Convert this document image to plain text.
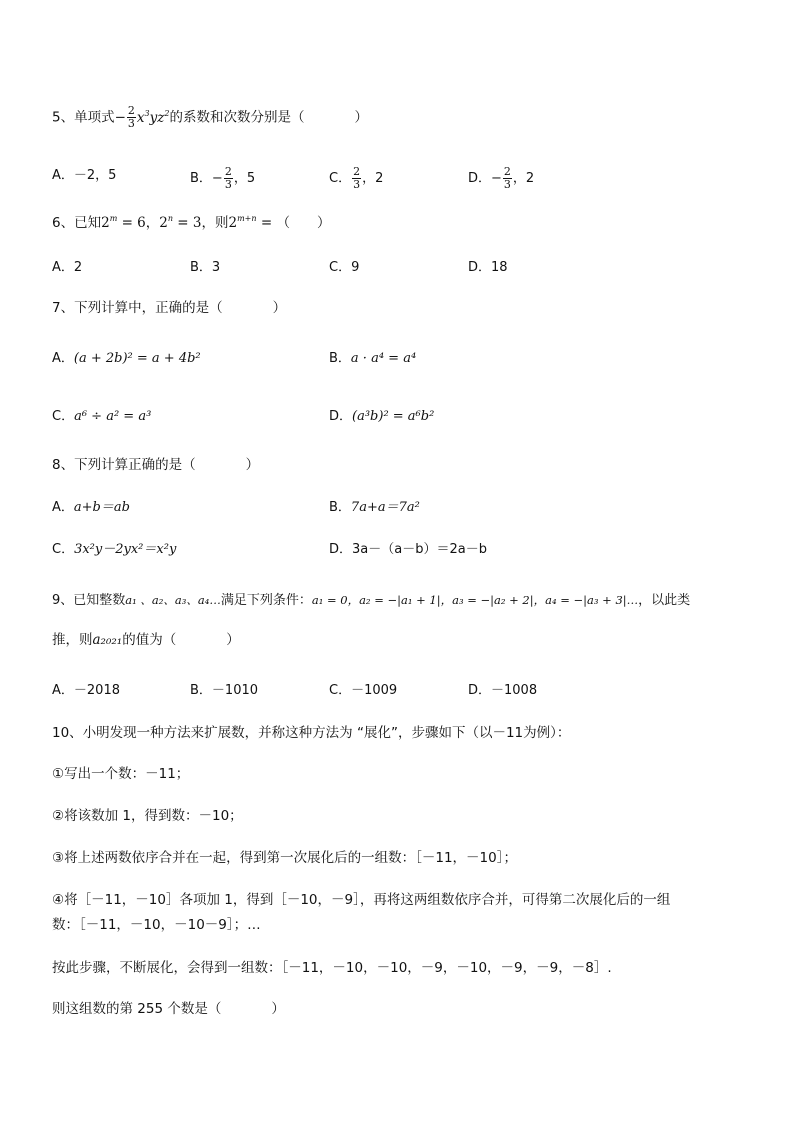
5、单项式− $\frac{2}{3} x^3yz^2$的系数和次数分别是（	）
A．－2，5	B．− $\frac{2}{3}$ ，5	C． $\frac{2}{3}$ ，2	D．− $\frac{2}{3}$ ，2
6、已知$2^m = 6$，$2^n = 3$，则$2^{m+n}$ = （　　）
A．2	B．3	C．9	D．18
7、下列计算中，正确的是（	）
A．(a + 2b)² = a + 4b²	B．a · a⁴ = a⁴
C．a⁶ ÷ a² = a³	D．(a³b)² = a⁶b²
8、下列计算正确的是（	）
A．a+b＝ab	B．7a+a＝7a²
C．3x²y－2yx²＝x²y	D．3a－（a－b）＝2a－b
9、已知整数a₁ 、a₂、a₃、a₄…满足下列条件：a₁ = 0，a₂ = −|a₁ + 1|，a₃ = −|a₂ + 2|，a₄ = −|a₃ + 3|…，以此类
推，则a₂₀₂₁的值为（	）
A．－2018	B．－1010	C．－1009	D．－1008
10、小明发现一种方法来扩展数，并称这种方法为 “展化”，步骤如下（以－11为例）：
①写出一个数：－11；
②将该数加 1，得到数：－10；
③将上述两数依序合并在一起，得到第一次展化后的一组数：［－11，－10］；
④将［－11，－10］各项加 1，得到［－10，－9］，再将这两组数依序合并，可得第二次展化后的一组
数：［－11，－10，－10－9］；…
按此步骤，不断展化，会得到一组数：［－11，－10，－10，－9，－10，－9，－9，－8］.
则这组数的第 255 个数是（	）
